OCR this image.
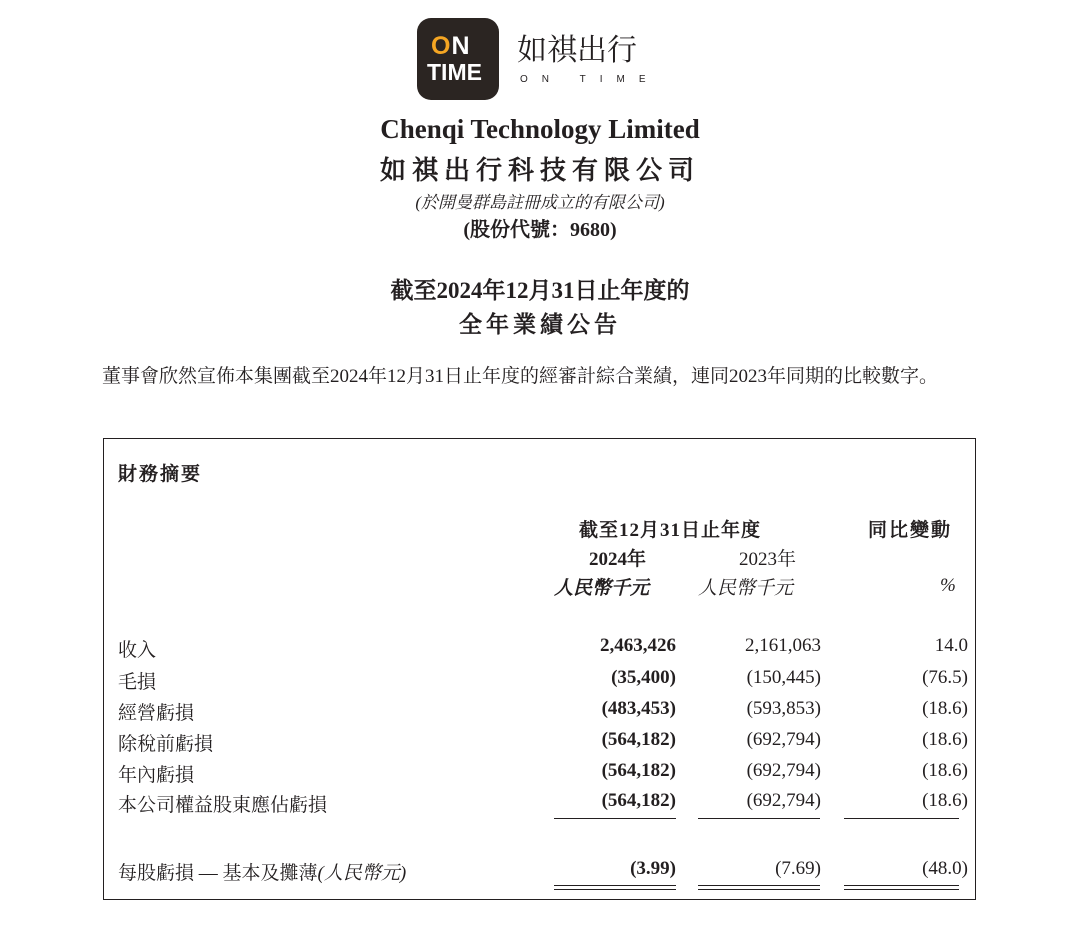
ON
TIME
如祺出行
ON TIME
Chenqi Technology Limited
如祺出行科技有限公司
(於開曼群島註冊成立的有限公司)
(股份代號：9680)
截至2024年12月31日止年度的
全年業績公告
董事會欣然宣佈本集團截至2024年12月31日止年度的經審計綜合業績，連同2023年同期的比較數字。
財務摘要
截至12月31日止年度	同比變動
2024年	2023年
人民幣千元	人民幣千元	%
收入	2,463,426	2,161,063	14.0
毛損	(35,400)	(150,445)	(76.5)
經營虧損	(483,453)	(593,853)	(18.6)
除稅前虧損	(564,182)	(692,794)	(18.6)
年內虧損	(564,182)	(692,794)	(18.6)
本公司權益股東應佔虧損	(564,182)	(692,794)	(18.6)
每股虧損 — 基本及攤薄(人民幣元)	(3.99)	(7.69)	(48.0)
